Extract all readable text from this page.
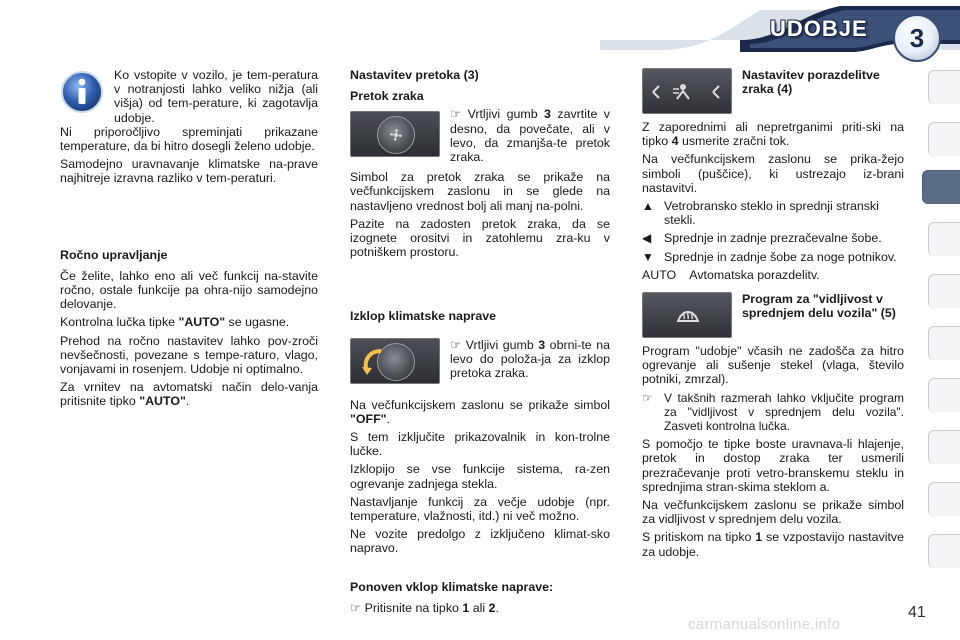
UDOBJE 3

Ko vstopite v vozilo, je tem-peratura v notranjosti lahko veliko nižja (ali višja) od tem-perature, ki zagotavlja udobje.

Ni priporočljivo spreminjati prikazane temperature, da bi hitro dosegli želeno udobje.

Samodejno uravnavanje klimatske na-prave najhitreje izravna razliko v tem-peraturi.

Ročno upravljanje

Če želite, lahko eno ali več funkcij na-stavite ročno, ostale funkcije pa ohra-nijo samodejno delovanje.

Kontrolna lučka tipke "AUTO" se ugasne.

Prehod na ročno nastavitev lahko pov-zroči nevšečnosti, povezane s tempe-raturo, vlago, vonjavami in rosenjem. Udobje ni optimalno.

Za vrnitev na avtomatski način delo-vanja pritisnite tipko "AUTO".

Nastavitev pretoka (3)
Pretok zraka
☞ Vrtljivi gumb 3 zavrtite v desno, da povečate, ali v levo, da zmanjša-te pretok zraka.

Simbol za pretok zraka se prikaže na večfunkcijskem zaslonu in se glede na nastavljeno vrednost bolj ali manj na-polni.

Pazite na zadosten pretok zraka, da se izognete orositvi in zatohlemu zra-ku v potniškem prostoru.

Izklop klimatske naprave
☞ Vrtljivi gumb 3 obrni-te na levo do položa-ja za izklop pretoka zraka.

Na večfunkcijskem zaslonu se prikaže simbol "OFF".

S tem izključite prikazovalnik in kon-trolne lučke.

Izklopijo se vse funkcije sistema, ra-zen ogrevanje zadnjega stekla.

Nastavljanje funkcij za večje udobje (npr. temperature, vlažnosti, itd.) ni več možno.

Ne vozite predolgo z izključeno klimat-sko napravo.

Ponoven vklop klimatske naprave:

☞ Pritisnite na tipko 1 ali 2.

Nastavitev porazdelitve zraka (4)

Z zaporednimi ali nepretrganimi priti-ski na tipko 4 usmerite zračni tok.

Na večfunkcijskem zaslonu se prika-žejo simboli (puščice), ki ustrezajo iz-brani nastavitvi.

▲ Vetrobransko steklo in sprednji stranski stekli.
◀	Sprednje in zadnje prezračevalne šobe.
▼ Sprednje in zadnje šobe za noge potnikov.

AUTO    Avtomatska porazdelitv.

Program za "vidljivost v sprednjem delu vozila" (5)

Program "udobje" včasih ne zadošča za hitro ogrevanje ali sušenje stekel (vlaga, število potniki, zmrzal).

☞ V takšnih razmerah lahko vključite program za "vidljivost v sprednjem delu vozila". Zasveti kontrolna lučka.

S pomočjo te tipke boste uravnava-li hlajenje, pretok in dostop zraka ter usmerili prezračevanje proti vetro-branskemu steklu in sprednjima stran-skima steklom a.

Na večfunkcijskem zaslonu se prikaže simbol za vidljivost v sprednjem delu vozila.

S pritiskom na tipko 1 se vzpostavijo nastavitve za udobje.

41
carmanualsonline.info
